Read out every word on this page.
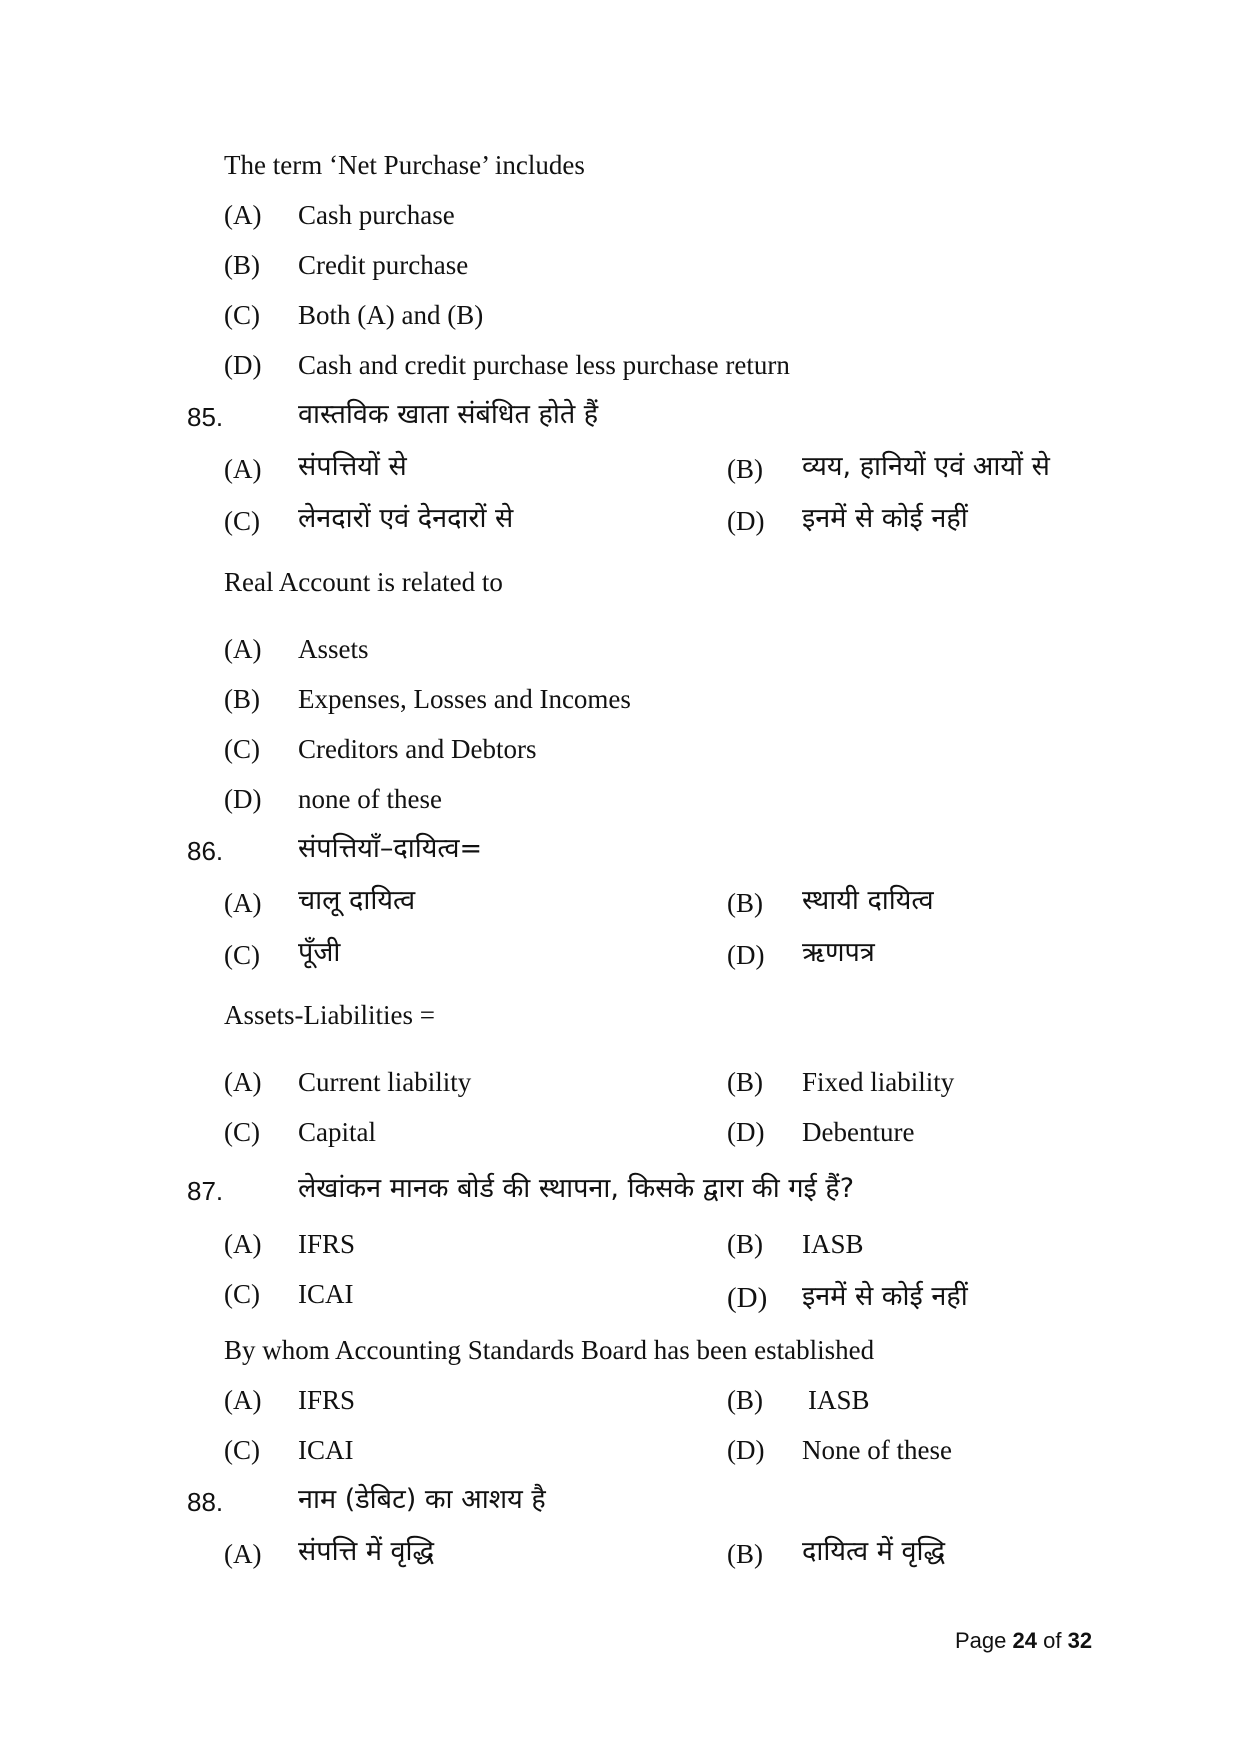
The term ‘Net Purchase’ includes
(A) Cash purchase
(B) Credit purchase
(C) Both (A) and (B)
(D) Cash and credit purchase less purchase return
85.	वास्तविक खाता संबंधित होते हैं
(A) संपत्तियों से	(B) व्यय, हानियों एवं आयों से
(C) लेनदारों एवं देनदारों से	(D) इनमें से कोई नहीं
Real Account is related to
(A) Assets
(B) Expenses, Losses and Incomes
(C) Creditors and Debtors
(D) none of these
86.	संपत्तियाँ–दायित्व=
(A) चालू दायित्व	(B) स्थायी दायित्व
(C) पूँजी	(D) ऋणपत्र
Assets-Liabilities =
(A) Current liability	(B) Fixed liability
(C) Capital	(D) Debenture
87.	लेखांकन मानक बोर्ड की स्थापना, किसके द्वारा की गई हैं?
(A) IFRS	(B) IASB
(C) ICAI	(D) इनमें से कोई नहीं
By whom Accounting Standards Board has been established
(A) IFRS	(B) IASB
(C) ICAI	(D) None of these
88.	नाम (डेबिट) का आशय है
(A) संपत्ति में वृद्धि	(B) दायित्व में वृद्धि
Page 24 of 32
